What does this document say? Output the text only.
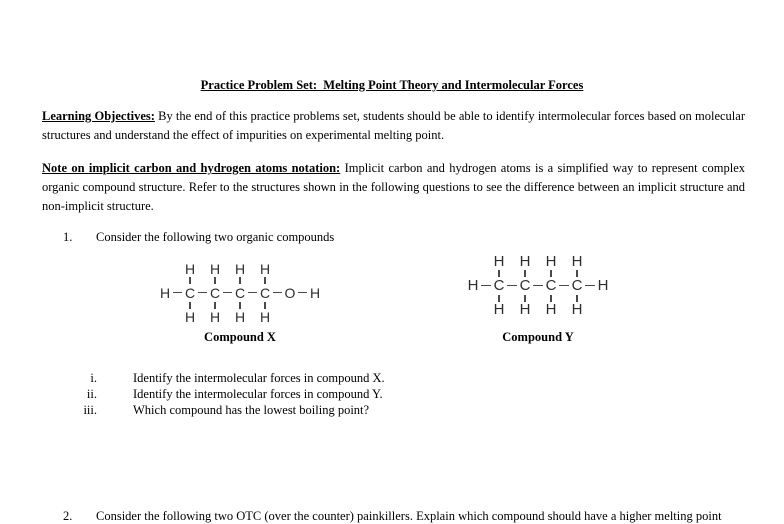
Practice Problem Set:  Melting Point Theory and Intermolecular Forces

Learning Objectives: By the end of this practice problems set, students should be able to identify intermolecular forces based on molecular structures and understand the effect of impurities on experimental melting point.

Note on implicit carbon and hydrogen atoms notation: Implicit carbon and hydrogen atoms is a simplified way to represent complex organic compound structure. Refer to the structures shown in the following questions to see the difference between an implicit structure and non-implicit structure.

1. Consider the following two organic compounds
H H H H
H C C C C O H
H H H H
Compound X
H H H H
H C C C C H
H H H H
Compound Y
i.	Identify the intermolecular forces in compound X.
ii.	Identify the intermolecular forces in compound Y.
iii.	Which compound has the lowest boiling point?
2. Consider the following two OTC (over the counter) painkillers. Explain which compound should have a higher melting point
